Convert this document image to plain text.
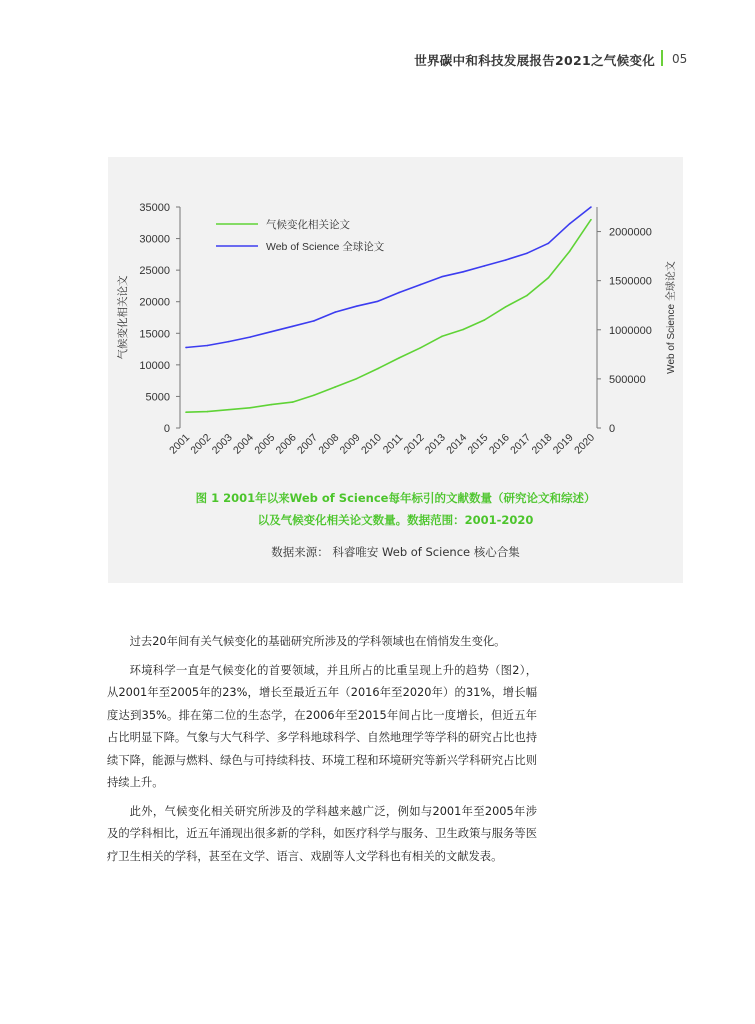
世界碳中和科技发展报告2021之气候变化 05
0
5000
10000
15000
20000
25000
30000
35000
0
500000
1000000
1500000
2000000
2001
2002
2003
2004
2005
2006
2007
2008
2009
2010
2011
2012
2013
2014
2015
2016
2017
2018
2019
2020
气候变化相关论文	Web of Science 全球论文
气候变化相关论文
Web of Science 全球论文
图 1 2001年以来Web of Science每年标引的文献数量（研究论文和综述）
以及气候变化相关论文数量。数据范围：2001-2020
数据来源： 科睿唯安 Web of Science 核心合集

过去20年间有关气候变化的基础研究所涉及的学科领域也在悄悄发生变化。

环境科学一直是气候变化的首要领域，并且所占的比重呈现上升的趋势（图2），从2001年至2005年的23%，增长至最近五年（2016年至2020年）的31%，增长幅度达到35%。排在第二位的生态学，在2006年至2015年间占比一度增长，但近五年占比明显下降。气象与大气科学、多学科地球科学、自然地理学等学科的研究占比也持续下降，能源与燃料、绿色与可持续科技、环境工程和环境研究等新兴学科研究占比则持续上升。

此外，气候变化相关研究所涉及的学科越来越广泛，例如与2001年至2005年涉及的学科相比，近五年涌现出很多新的学科，如医疗科学与服务、卫生政策与服务等医疗卫生相关的学科，甚至在文学、语言、戏剧等人文学科也有相关的文献发表。
